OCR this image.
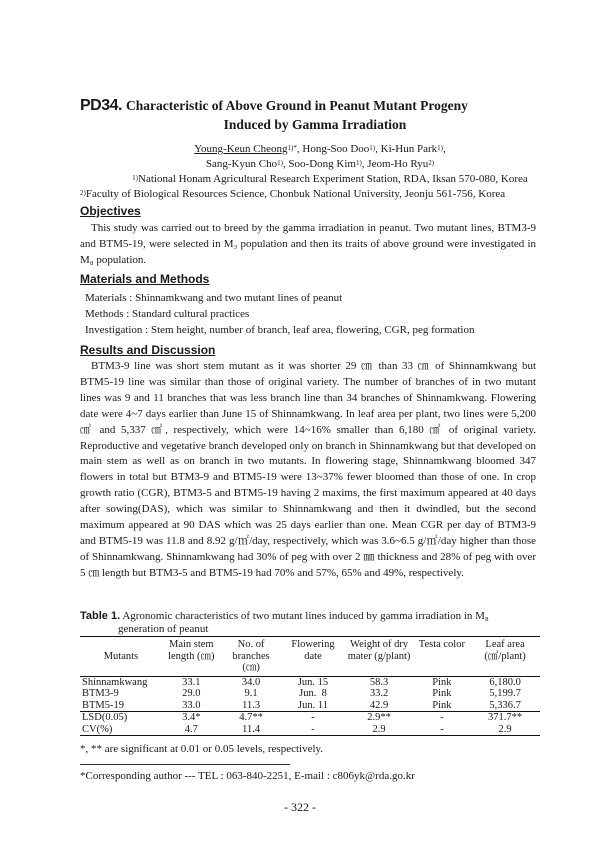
PD34. Characteristic of Above Ground in Peanut Mutant Progeny
Induced by Gamma Irradiation
Young-Keun Cheong$^{1)*}$, Hong-Soo Doo$^{1)}$, Ki-Hun Park$^{1)}$,
Sang-Kyun Cho$^{1)}$, Soo-Dong Kim$^{1)}$, Jeom-Ho Ryu$^{2)}$
$^{1)}$National Honam Agricultural Research Experiment Station, RDA, Iksan 570-080, Korea
$^{2)}$Faculty of Biological Resources Science, Chonbuk National University, Jeonju 561-756, Korea
Objectives

This study was carried out to breed by the gamma irradiation in peanut. Two mutant lines, BTM3-9 and BTM5-19, were selected in M₃ population and then its traits of above ground were investigated in M₈ population.

Materials and Methods
Materials : Shinnamkwang and two mutant lines of peanut
Methods : Standard cultural practices
Investigation : Stem height, number of branch, leaf area, flowering, CGR, peg formation
Results and Discussion

BTM3-9 line was short stem mutant as it was shorter 29 ㎝ than 33 ㎝ of Shinnamkwang but BTM5-19 line was similar than those of original variety. The number of branches of in two mutant lines was 9 and 11 branches that was less branch line than 34 branches of Shinnamkwang. Flowering date were 4~7 days earlier than June 15 of Shinnamkwang. In leaf area per plant, two lines were 5,200 ㎠ and 5,337 ㎠, respectively, which were 14~16% smaller than 6,180 ㎠ of original variety. Reproductive and vegetative branch developed only on branch in Shinnamkwang but that developed on main stem as well as on branch in two mutants. In flowering stage, Shinnamkwang bloomed 347 flowers in total but BTM3-9 and BTM5-19 were 13~37% fewer bloomed than those of one. In crop growth ratio (CGR), BTM3-5 and BTM5-19 having 2 maxims, the first maximum appeared at 40 days after sowing(DAS), which was similar to Shinnamkwang and then it dwindled, but the second maximum appeared at 90 DAS which was 25 days earlier than one. Mean CGR per day of BTM3-9 and BTM5-19 was 11.8 and 8.92 g/㎡/day, respectively, which was 3.6~6.5 g/㎡/day higher than those of Shinnamkwang. Shinnamkwang had 30% of peg with over 2 ㎜ thickness and 28% of peg with over 5 ㎝ length but BTM3-5 and BTM5-19 had 70% and 57%, 65% and 49%, respectively.

Table 1. Agronomic characteristics of two mutant lines induced by gamma irradiation in M₈
generation of peanut
Mutants	Main stem length (㎝)	No. of branches (㎝)	Flowering date	Weight of dry mater (g/plant)	Testa color	Leaf area (㎠/plant)
Shinnamkwang	33.1	34.0	Jun. 15	58.3	Pink	6,180.0
BTM3-9	29.0	9.1	Jun.  8	33.2	Pink	5,199.7
BTM5-19	33.0	11.3	Jun. 11	42.9	Pink	5,336.7
LSD(0.05)	3.4*	4.7**	-	2.9**	-	371.7**
CV(%)	4.7	11.4	-	2.9	-	2.9
*, ** are significant at 0.01 or 0.05 levels, respectively.
*Corresponding author --- TEL : 063-840-2251, E-mail : c806yk@rda.go.kr
- 322 -
